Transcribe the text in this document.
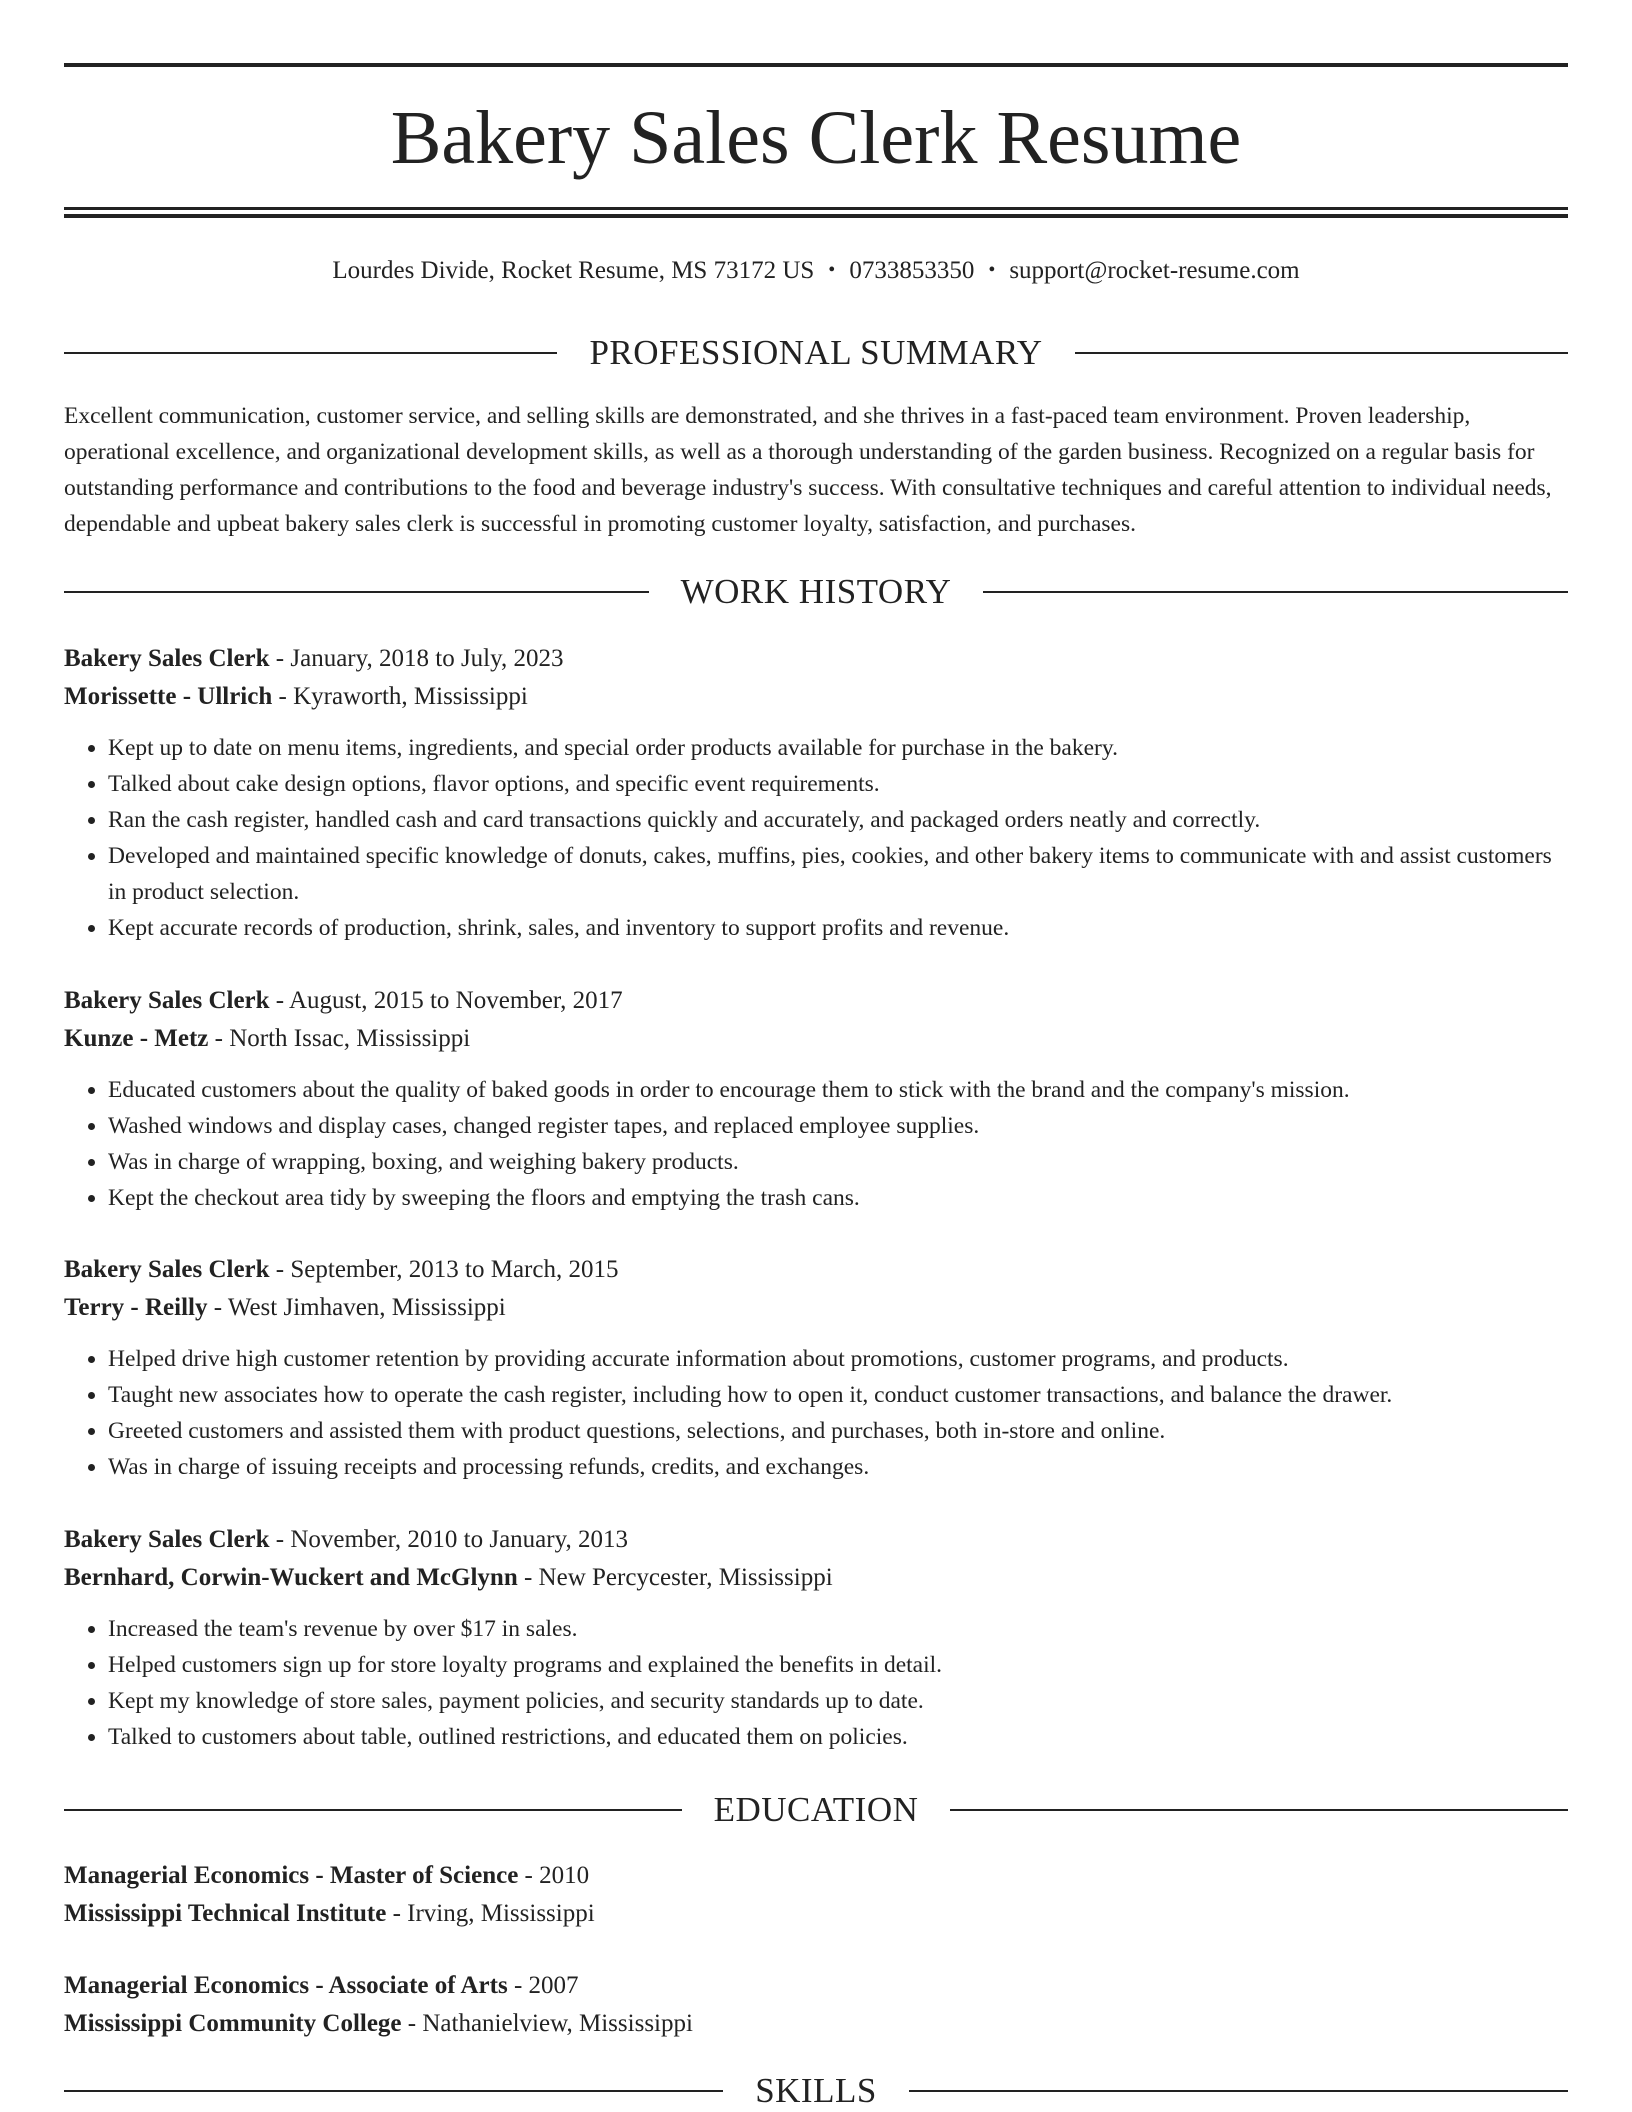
Bakery Sales Clerk Resume
Lourdes Divide, Rocket Resume, MS 73172 US • 0733853350 • support@rocket-resume.com
PROFESSIONAL SUMMARY

Excellent communication, customer service, and selling skills are demonstrated, and she thrives in a fast-paced team environment. Proven leadership, operational excellence, and organizational development skills, as well as a thorough understanding of the garden business. Recognized on a regular basis for outstanding performance and contributions to the food and beverage industry's success. With consultative techniques and careful attention to individual needs, dependable and upbeat bakery sales clerk is successful in promoting customer loyalty, satisfaction, and purchases.

WORK HISTORY
Bakery Sales Clerk - January, 2018 to July, 2023
Morissette - Ullrich - Kyraworth, Mississippi
• Kept up to date on menu items, ingredients, and special order products available for purchase in the bakery.
• Talked about cake design options, flavor options, and specific event requirements.
• Ran the cash register, handled cash and card transactions quickly and accurately, and packaged orders neatly and correctly.
• Developed and maintained specific knowledge of donuts, cakes, muffins, pies, cookies, and other bakery items to communicate with and assist customers in product selection.
• Kept accurate records of production, shrink, sales, and inventory to support profits and revenue.
Bakery Sales Clerk - August, 2015 to November, 2017
Kunze - Metz - North Issac, Mississippi
• Educated customers about the quality of baked goods in order to encourage them to stick with the brand and the company's mission.
• Washed windows and display cases, changed register tapes, and replaced employee supplies.
• Was in charge of wrapping, boxing, and weighing bakery products.
• Kept the checkout area tidy by sweeping the floors and emptying the trash cans.
Bakery Sales Clerk - September, 2013 to March, 2015
Terry - Reilly - West Jimhaven, Mississippi
• Helped drive high customer retention by providing accurate information about promotions, customer programs, and products.
• Taught new associates how to operate the cash register, including how to open it, conduct customer transactions, and balance the drawer.
• Greeted customers and assisted them with product questions, selections, and purchases, both in-store and online.
• Was in charge of issuing receipts and processing refunds, credits, and exchanges.
Bakery Sales Clerk - November, 2010 to January, 2013
Bernhard, Corwin-Wuckert and McGlynn - New Percycester, Mississippi
• Increased the team's revenue by over $17 in sales.
• Helped customers sign up for store loyalty programs and explained the benefits in detail.
• Kept my knowledge of store sales, payment policies, and security standards up to date.
• Talked to customers about table, outlined restrictions, and educated them on policies.
EDUCATION
Managerial Economics - Master of Science - 2010
Mississippi Technical Institute - Irving, Mississippi
Managerial Economics - Associate of Arts - 2007
Mississippi Community College - Nathanielview, Mississippi
SKILLS
